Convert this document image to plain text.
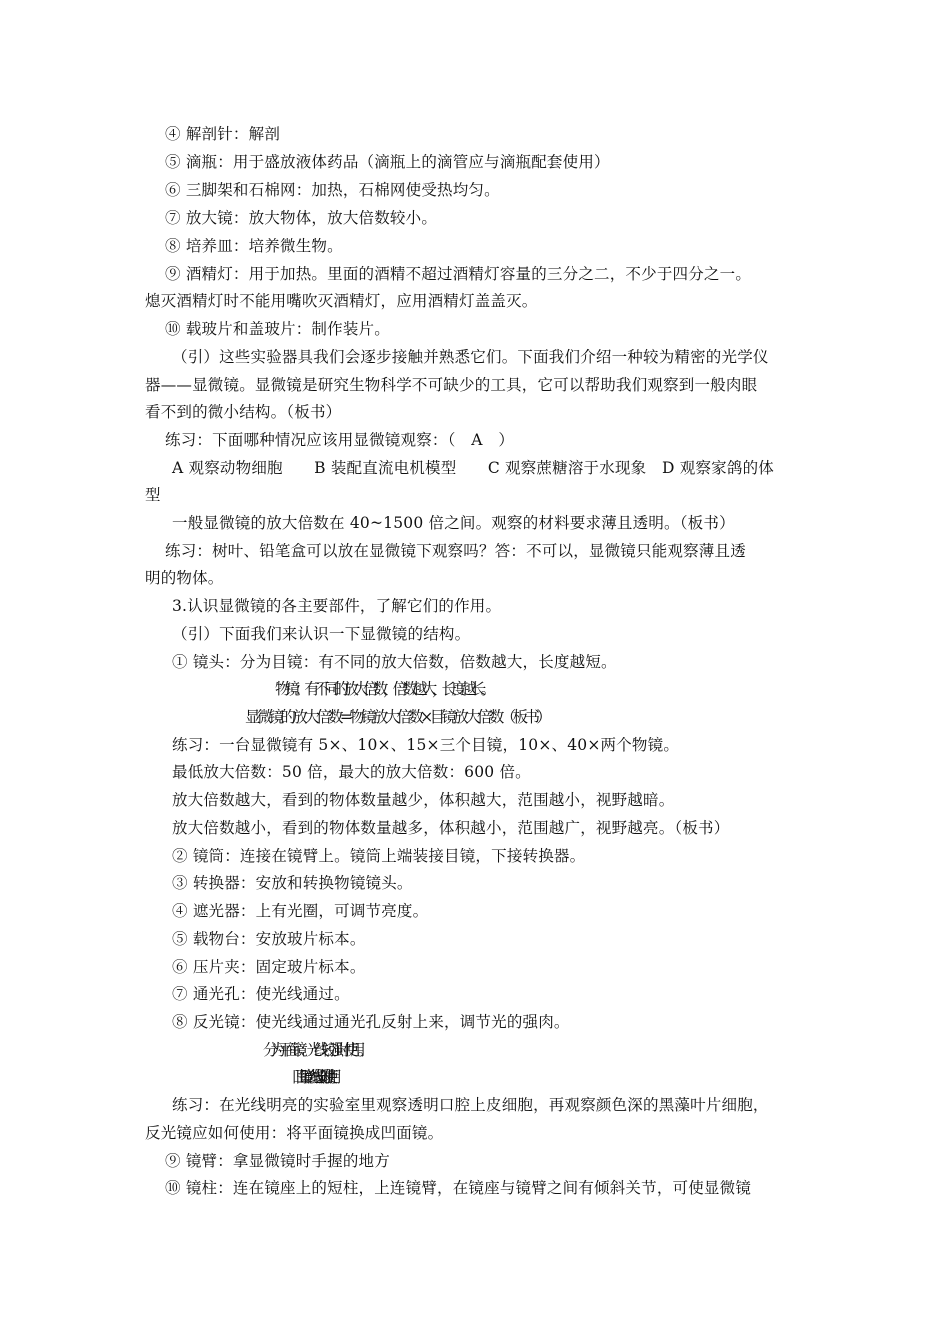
④ 解剖针：解剖
⑤ 滴瓶：用于盛放液体药品（滴瓶上的滴管应与滴瓶配套使用）
⑥ 三脚架和石棉网：加热，石棉网使受热均匀。
⑦ 放大镜：放大物体，放大倍数较小。
⑧ 培养皿：培养微生物。
⑨ 酒精灯：用于加热。里面的酒精不超过酒精灯容量的三分之二，不少于四分之一。
熄灭酒精灯时不能用嘴吹灭酒精灯，应用酒精灯盖盖灭。
⑩ 载玻片和盖玻片：制作装片。
（引）这些实验器具我们会逐步接触并熟悉它们。下面我们介绍一种较为精密的光学仪
器——显微镜。显微镜是研究生物科学不可缺少的工具，它可以帮助我们观察到一般肉眼
看不到的微小结构。（板书）
练习：下面哪种情况应该用显微镜观察：（　A　）
A 观察动物细胞　　B 装配直流电机模型　　C 观察蔗糖溶于水现象　D 观察家鸽的体
型
一般显微镜的放大倍数在 40~1500 倍之间。观察的材料要求薄且透明。（板书）
练习：树叶、铅笔盒可以放在显微镜下观察吗？答：不可以，显微镜只能观察薄且透
明的物体。
3.认识显微镜的各主要部件，了解它们的作用。
（引）下面我们来认识一下显微镜的结构。
① 镜头：分为目镜：有不同的放大倍数，倍数越大，长度越短。
物镜：有不同的放大倍数，倍数越大，长度越长。
显微镜的放大倍数=物镜放大倍数×目镜放大倍数（板书）
练习：一台显微镜有 5×、10×、15×三个目镜，10×、40×两个物镜。
最低放大倍数：50 倍，最大的放大倍数：600 倍。
放大倍数越大，看到的物体数量越少，体积越大，范围越小，视野越暗。
放大倍数越小，看到的物体数量越多，体积越小，范围越广，视野越亮。（板书）
② 镜筒：连接在镜臂上。镜筒上端装接目镜，下接转换器。
③ 转换器：安放和转换物镜镜头。
④ 遮光器：上有光圈，可调节亮度。
⑤ 载物台：安放玻片标本。
⑥ 压片夹：固定玻片标本。
⑦ 通光孔：使光线通过。
⑧ 反光镜：使光线通过通光孔反射上来，调节光的强肉。
分为平面镜：光线较强时使用。
凹面镜：光线较弱时使用。
练习：在光线明亮的实验室里观察透明口腔上皮细胞，再观察颜色深的黑藻叶片细胞，
反光镜应如何使用：将平面镜换成凹面镜。
⑨ 镜臂：拿显微镜时手握的地方
⑩ 镜柱：连在镜座上的短柱，上连镜臂，在镜座与镜臂之间有倾斜关节，可使显微镜
